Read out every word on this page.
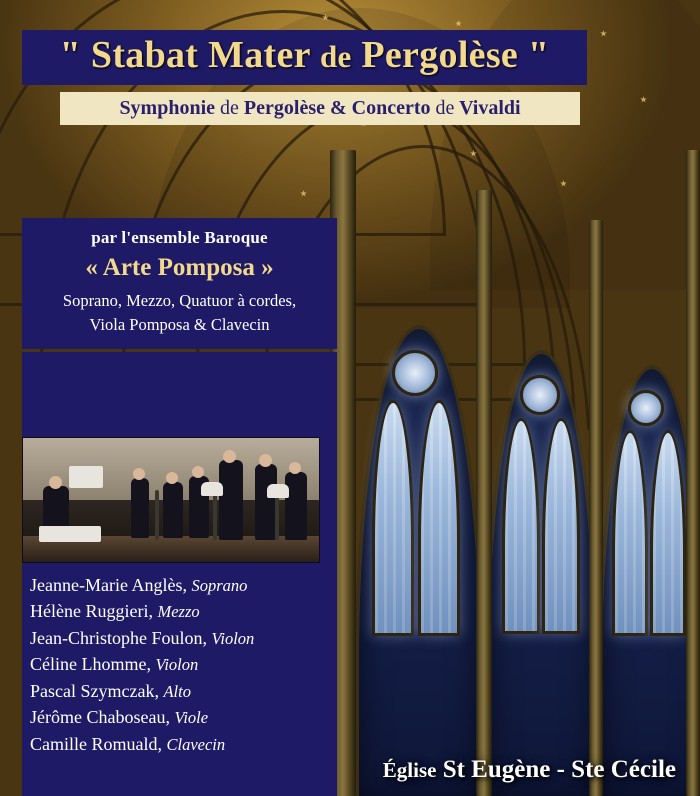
" Stabat Mater de Pergolèse "
Symphonie de Pergolèse & Concerto de Vivaldi
par l'ensemble Baroque
« Arte Pomposa »
Soprano, Mezzo, Quatuor à cordes,
Viola Pomposa & Clavecin
Jeanne-Marie Anglès, Soprano
Hélène Ruggieri, Mezzo
Jean-Christophe Foulon, Violon
Céline Lhomme, Violon
Pascal Szymczak, Alto
Jérôme Chaboseau, Viole
Camille Romuald, Clavecin
Église St Eugène - Ste Cécile
